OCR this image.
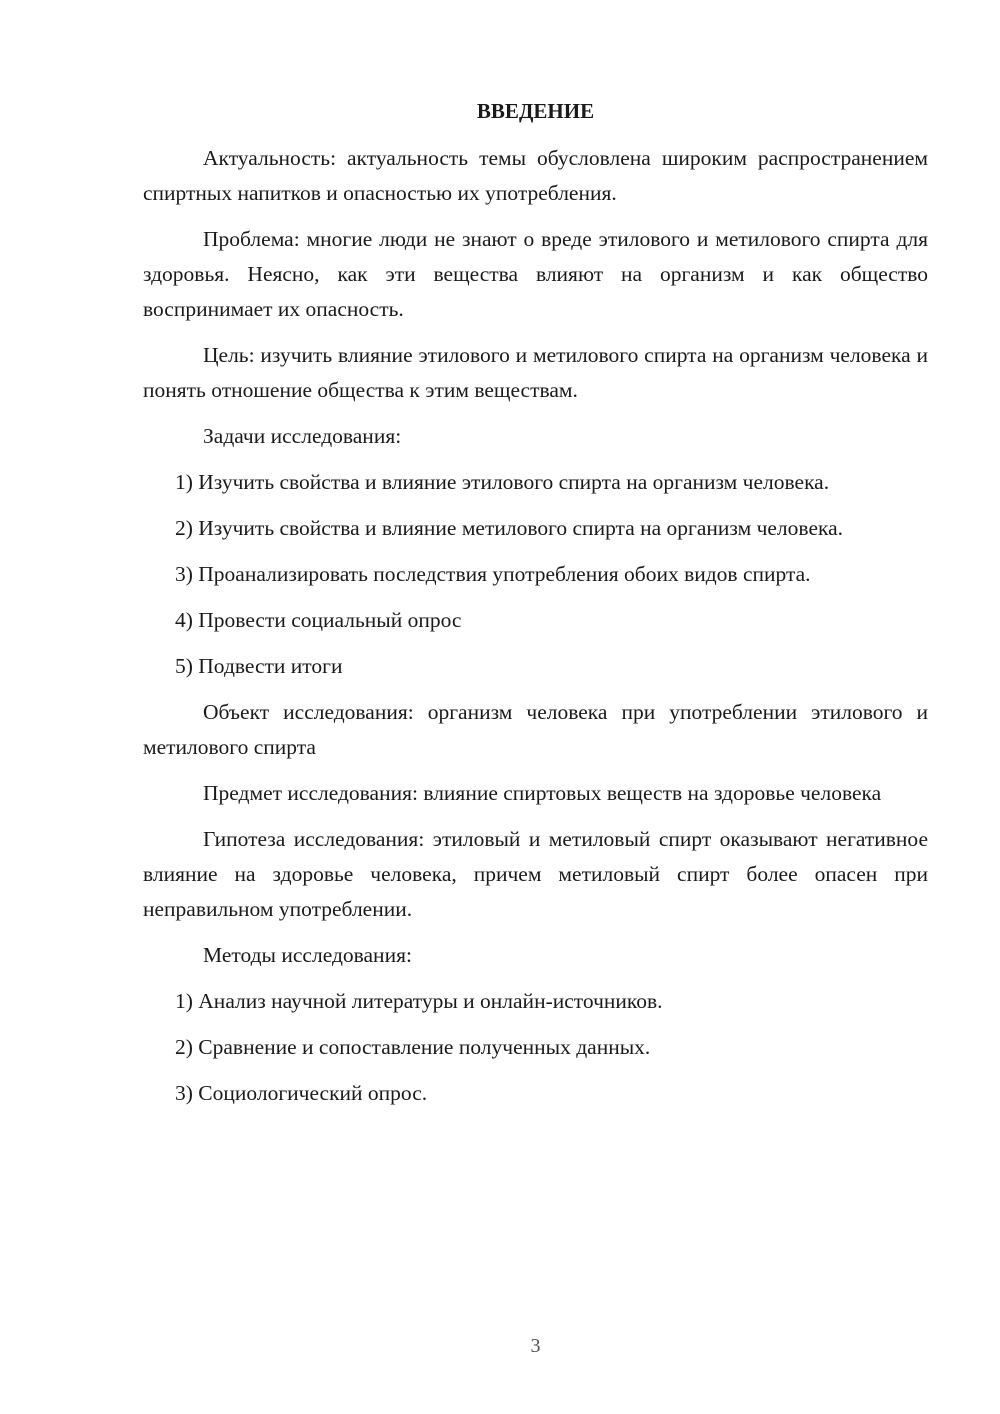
ВВЕДЕНИЕ

Актуальность: актуальность темы обусловлена широким распространением спиртных напитков и опасностью их употребления.

Проблема: многие люди не знают о вреде этилового и метилового спирта для здоровья. Неясно, как эти вещества влияют на организм и как общество воспринимает их опасность.

Цель: изучить влияние этилового и метилового спирта на организм человека и понять отношение общества к этим веществам.

Задачи исследования:

1) Изучить свойства и влияние этилового спирта на организм человека.

2) Изучить свойства и влияние метилового спирта на организм человека.

3) Проанализировать последствия употребления обоих видов спирта.

4) Провести социальный опрос

5) Подвести итоги

Объект исследования: организм человека при употреблении этилового и метилового спирта

Предмет исследования: влияние спиртовых веществ на здоровье человека

Гипотеза исследования: этиловый и метиловый спирт оказывают негативное влияние на здоровье человека, причем метиловый спирт более опасен при неправильном употреблении.

Методы исследования:

1) Анализ научной литературы и онлайн-источников.

2) Сравнение и сопоставление полученных данных.

3) Социологический опрос.

3
